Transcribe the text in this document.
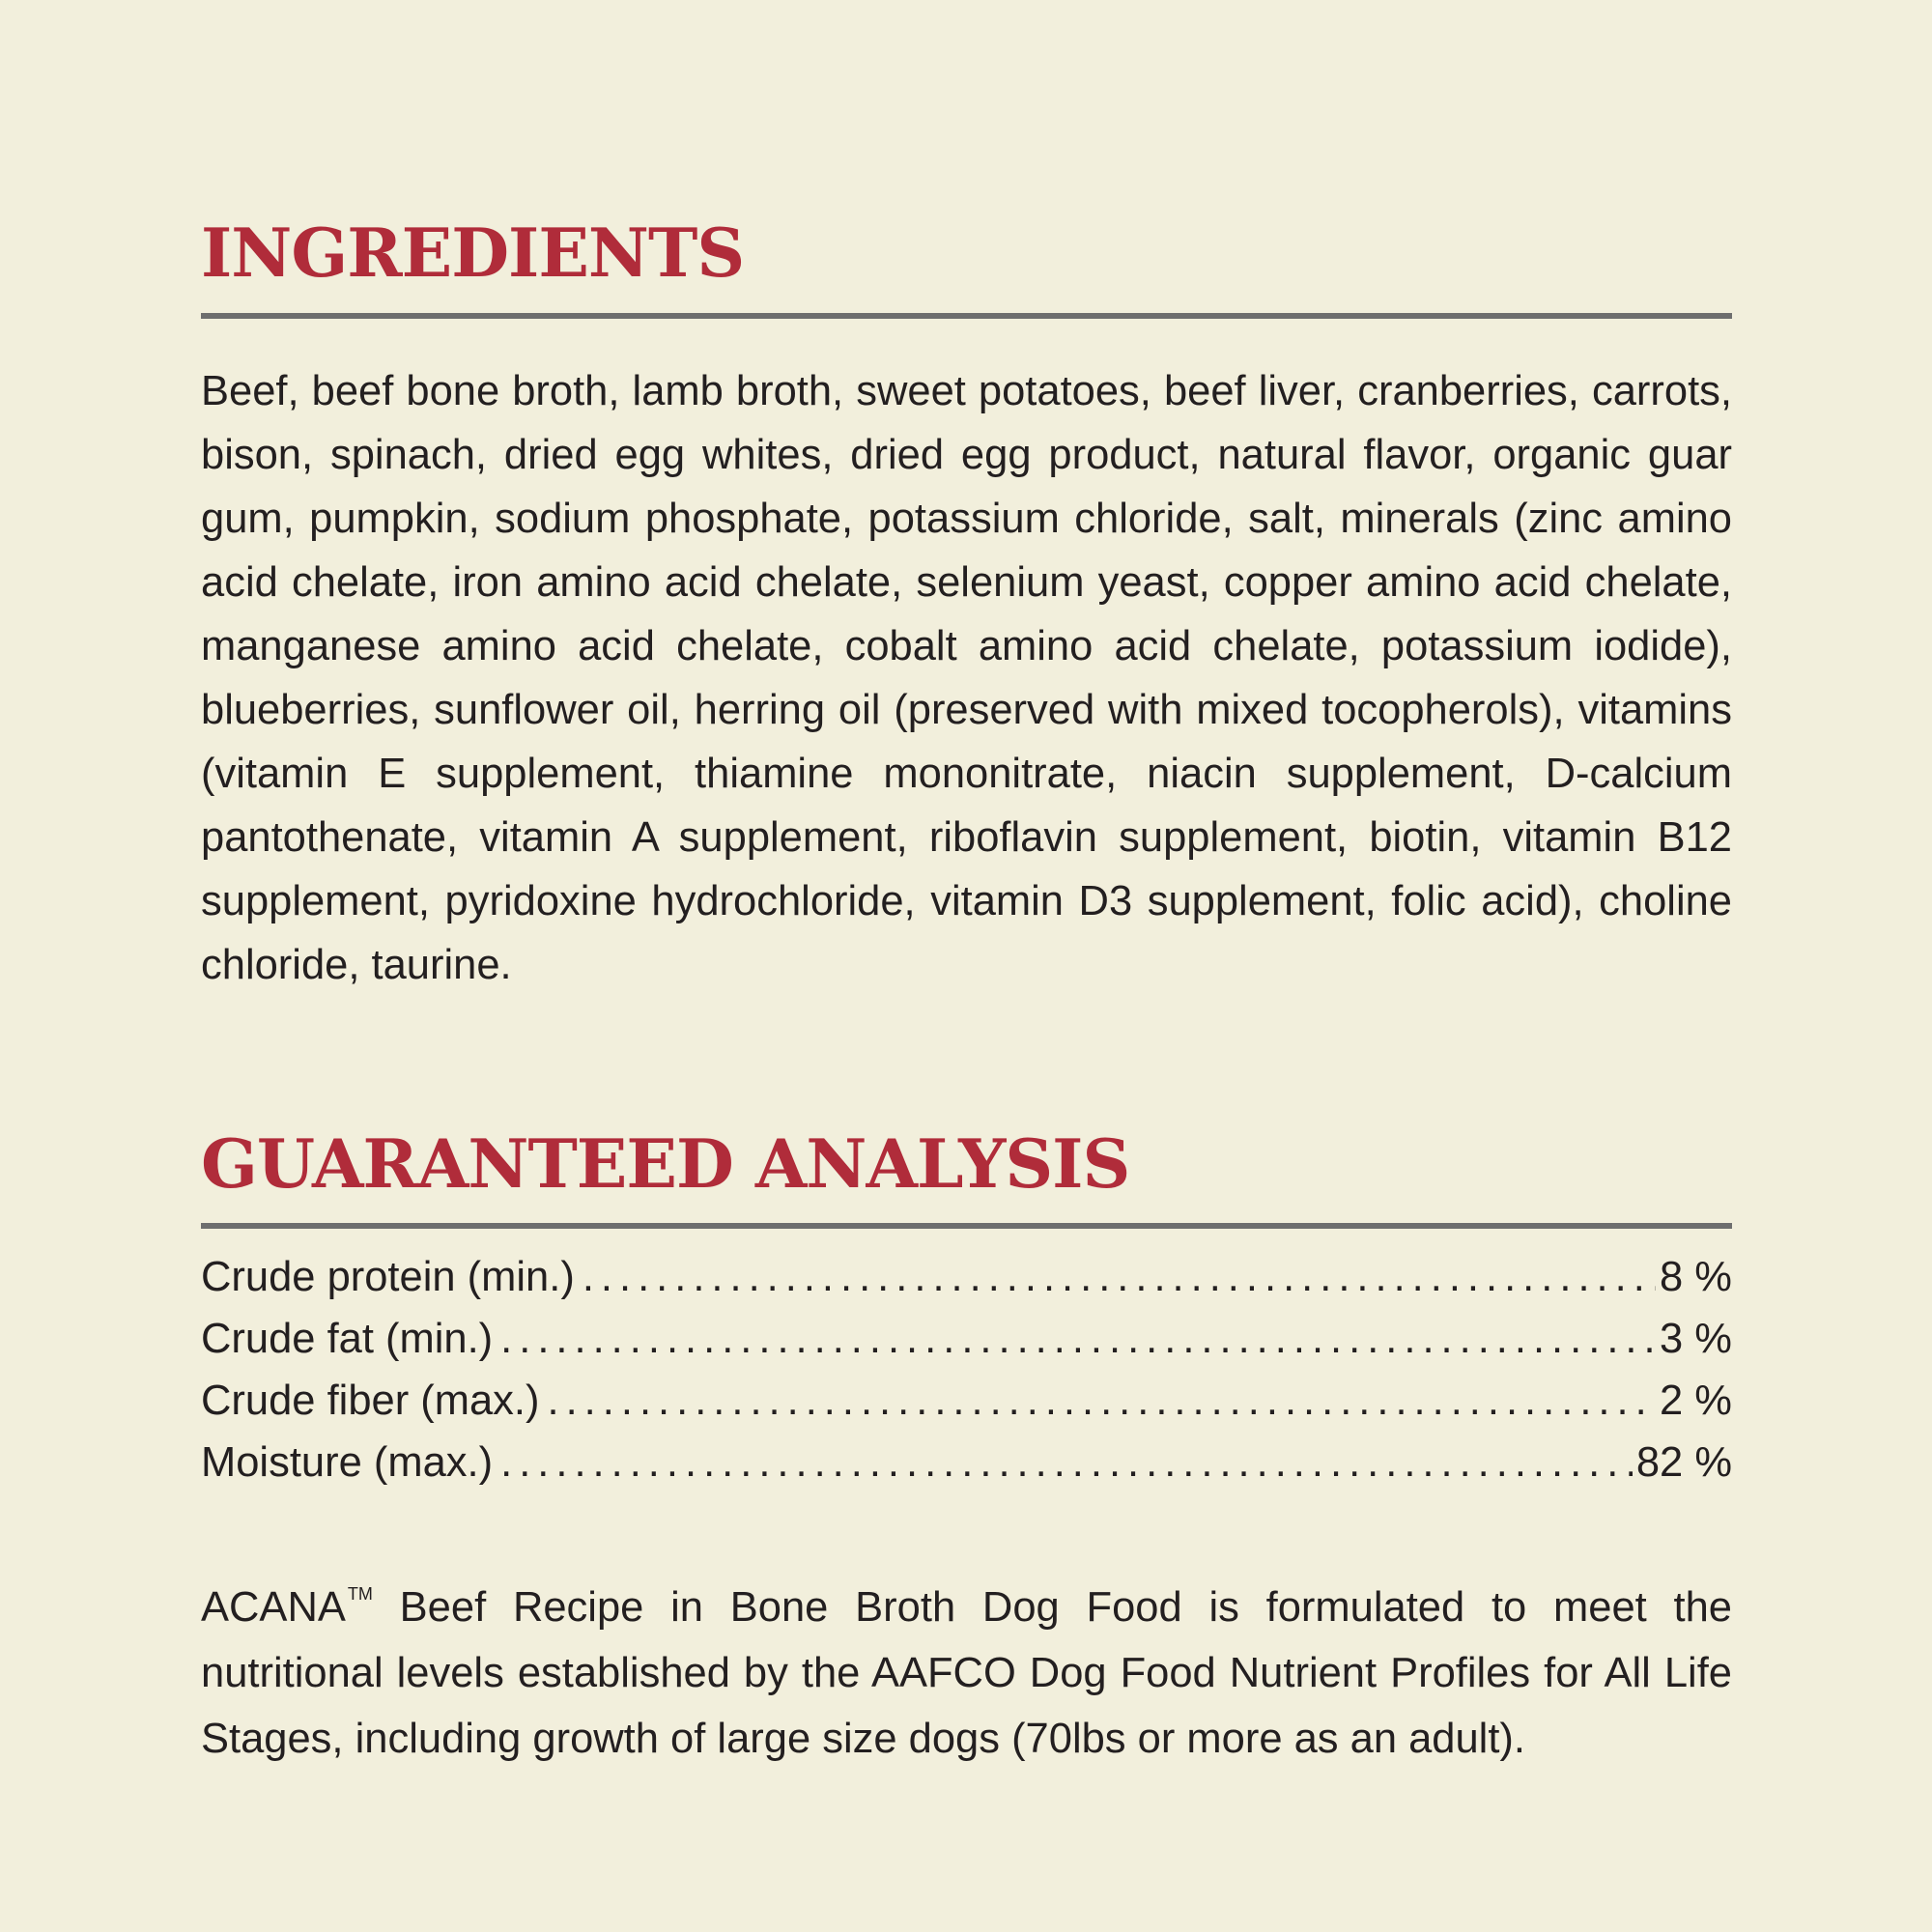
INGREDIENTS

Beef, beef bone broth, lamb broth, sweet potatoes, beef liver, cranberries, carrots, bison, spinach, dried egg whites, dried egg product, natural flavor, organic guar gum, pumpkin, sodium phosphate, potassium chloride, salt, minerals (zinc amino acid chelate, iron amino acid chelate, selenium yeast, copper amino acid chelate, manganese amino acid chelate, cobalt amino acid chelate, potassium iodide), blueberries, sunflower oil, herring oil (preserved with mixed tocopherols), vitamins (vitamin E supplement, thiamine mononitrate, niacin supplement, D-calcium pantothenate, vitamin A supplement, riboflavin supplement, biotin, vitamin B12 supplement, pyridoxine hydrochloride, vitamin D3 supplement, folic acid), choline chloride, taurine.

GUARANTEED ANALYSIS
Crude protein (min.) .....	8 %
Crude fat (min.) .....	3 %
Crude fiber (max.) .....	2 %
Moisture (max.) .....	82 %

ACANA ™ Beef Recipe in Bone Broth Dog Food is formulated to meet the nutritional levels established by the AAFCO Dog Food Nutrient Profiles for All Life Stages, including growth of large size dogs (70lbs or more as an adult).
